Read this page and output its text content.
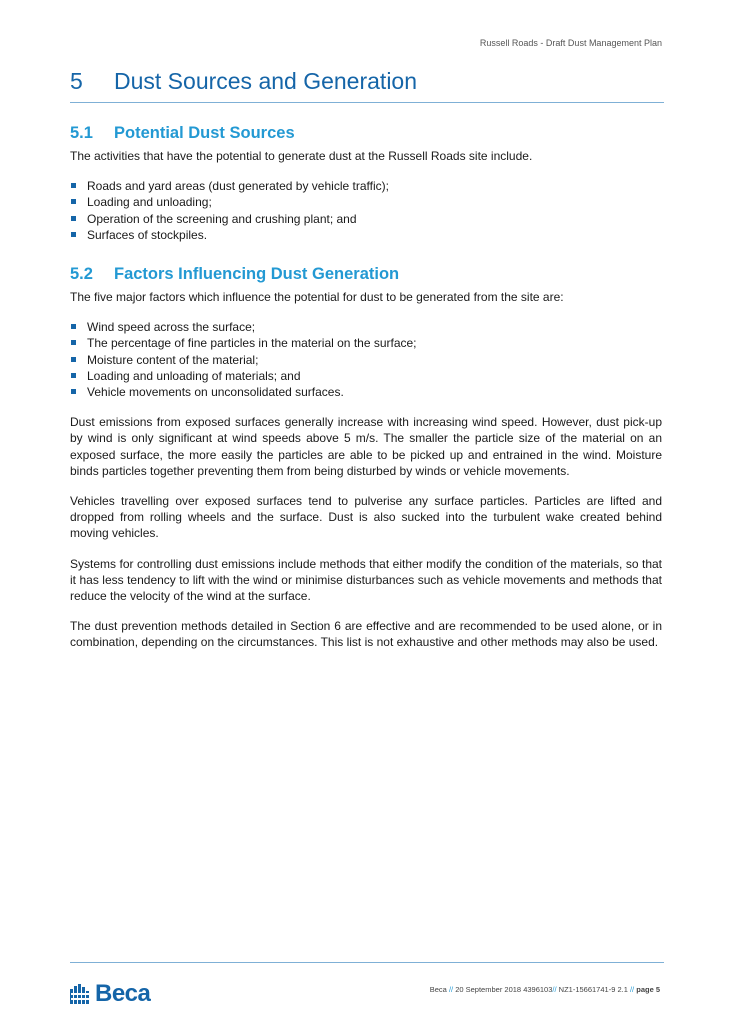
Russell Roads - Draft Dust Management Plan
5 Dust Sources and Generation
5.1 Potential Dust Sources

The activities that have the potential to generate dust at the Russell Roads site include.

Roads and yard areas (dust generated by vehicle traffic);
Loading and unloading;
Operation of the screening and crushing plant; and
Surfaces of stockpiles.
5.2 Factors Influencing Dust Generation

The five major factors which influence the potential for dust to be generated from the site are:

Wind speed across the surface;
The percentage of fine particles in the material on the surface;
Moisture content of the material;
Loading and unloading of materials; and
Vehicle movements on unconsolidated surfaces.

Dust emissions from exposed surfaces generally increase with increasing wind speed. However, dust pick-up by wind is only significant at wind speeds above 5 m/s. The smaller the particle size of the material on an exposed surface, the more easily the particles are able to be picked up and entrained in the wind. Moisture binds particles together preventing them from being disturbed by winds or vehicle movements.

Vehicles travelling over exposed surfaces tend to pulverise any surface particles. Particles are lifted and dropped from rolling wheels and the surface. Dust is also sucked into the turbulent wake created behind moving vehicles.

Systems for controlling dust emissions include methods that either modify the condition of the materials, so that it has less tendency to lift with the wind or minimise disturbances such as vehicle movements and methods that reduce the velocity of the wind at the surface.

The dust prevention methods detailed in Section 6 are effective and are recommended to be used alone, or in combination, depending on the circumstances. This list is not exhaustive and other methods may also be used.

Beca	Beca // 20 September 2018 4396103// NZ1-15661741-9 2.1 // page 5
